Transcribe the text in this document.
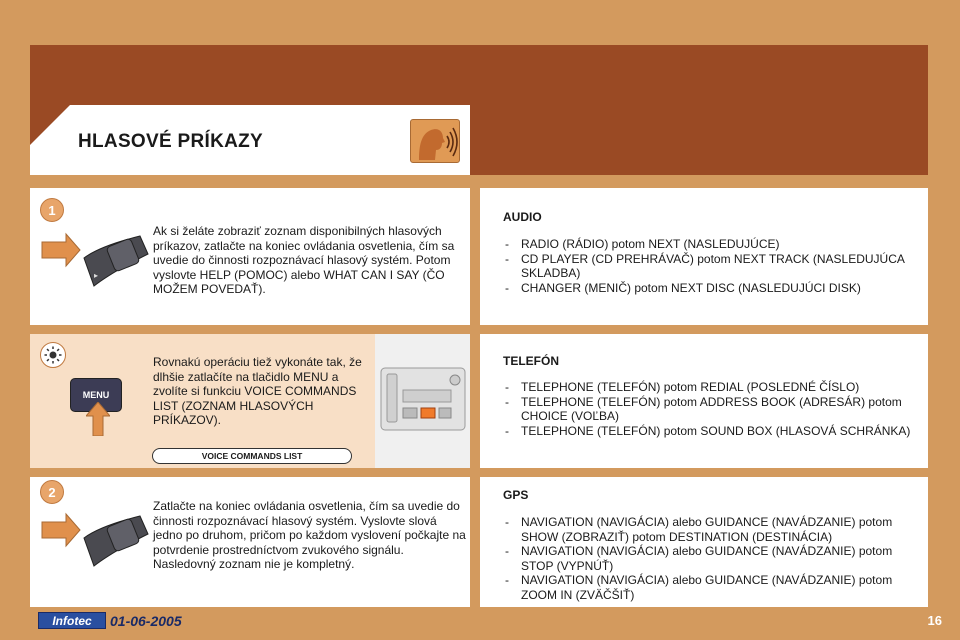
HLASOVÉ PRÍKAZY
1
▸
Ak si želáte zobraziť zoznam disponibilných hlasových príkazov, zatlačte na koniec ovládania osvetlenia, čím sa uvedie do činnosti rozpoznávací hlasový systém. Potom vyslovte HELP (POMOC) alebo WHAT CAN I SAY (ČO MOŽEM POVEDAŤ).
MENU
Rovnakú operáciu tiež vykonáte tak, že dlhšie zatlačíte na tlačidlo MENU a zvolíte si funkciu VOICE COMMANDS LIST (ZOZNAM HLASOVÝCH PRÍKAZOV).
VOICE COMMANDS LIST
2
Zatlačte na koniec ovládania osvetlenia, čím sa uvedie do činnosti rozpoznávací hlasový systém. Vyslovte slová jedno po druhom, pričom po každom vyslovení počkajte na potvrdenie prostredníctvom zvukového signálu. Nasledovný zoznam nie je kompletný.
AUDIO
- RADIO (RÁDIO) potom NEXT (NASLEDUJÚCE)
- CD PLAYER (CD PREHRÁVAČ) potom NEXT TRACK (NASLEDUJÚCA SKLADBA)
- CHANGER (MENIČ) potom NEXT DISC (NASLEDUJÚCI DISK)
TELEFÓN
- TELEPHONE (TELEFÓN) potom REDIAL (POSLEDNÉ ČÍSLO)
- TELEPHONE (TELEFÓN) potom ADDRESS BOOK (ADRESÁR) potom CHOICE (VOĽBA)
- TELEPHONE (TELEFÓN) potom SOUND BOX (HLASOVÁ SCHRÁNKA)
GPS
- NAVIGATION (NAVIGÁCIA) alebo GUIDANCE (NAVÁDZANIE) potom SHOW (ZOBRAZIŤ) potom DESTINATION (DESTINÁCIA)
- NAVIGATION (NAVIGÁCIA) alebo GUIDANCE (NAVÁDZANIE) potom STOP (VYPNÚŤ)
- NAVIGATION (NAVIGÁCIA) alebo GUIDANCE (NAVÁDZANIE) potom ZOOM IN (ZVÄČŠIŤ)
Infotec	01-06-2005	16
